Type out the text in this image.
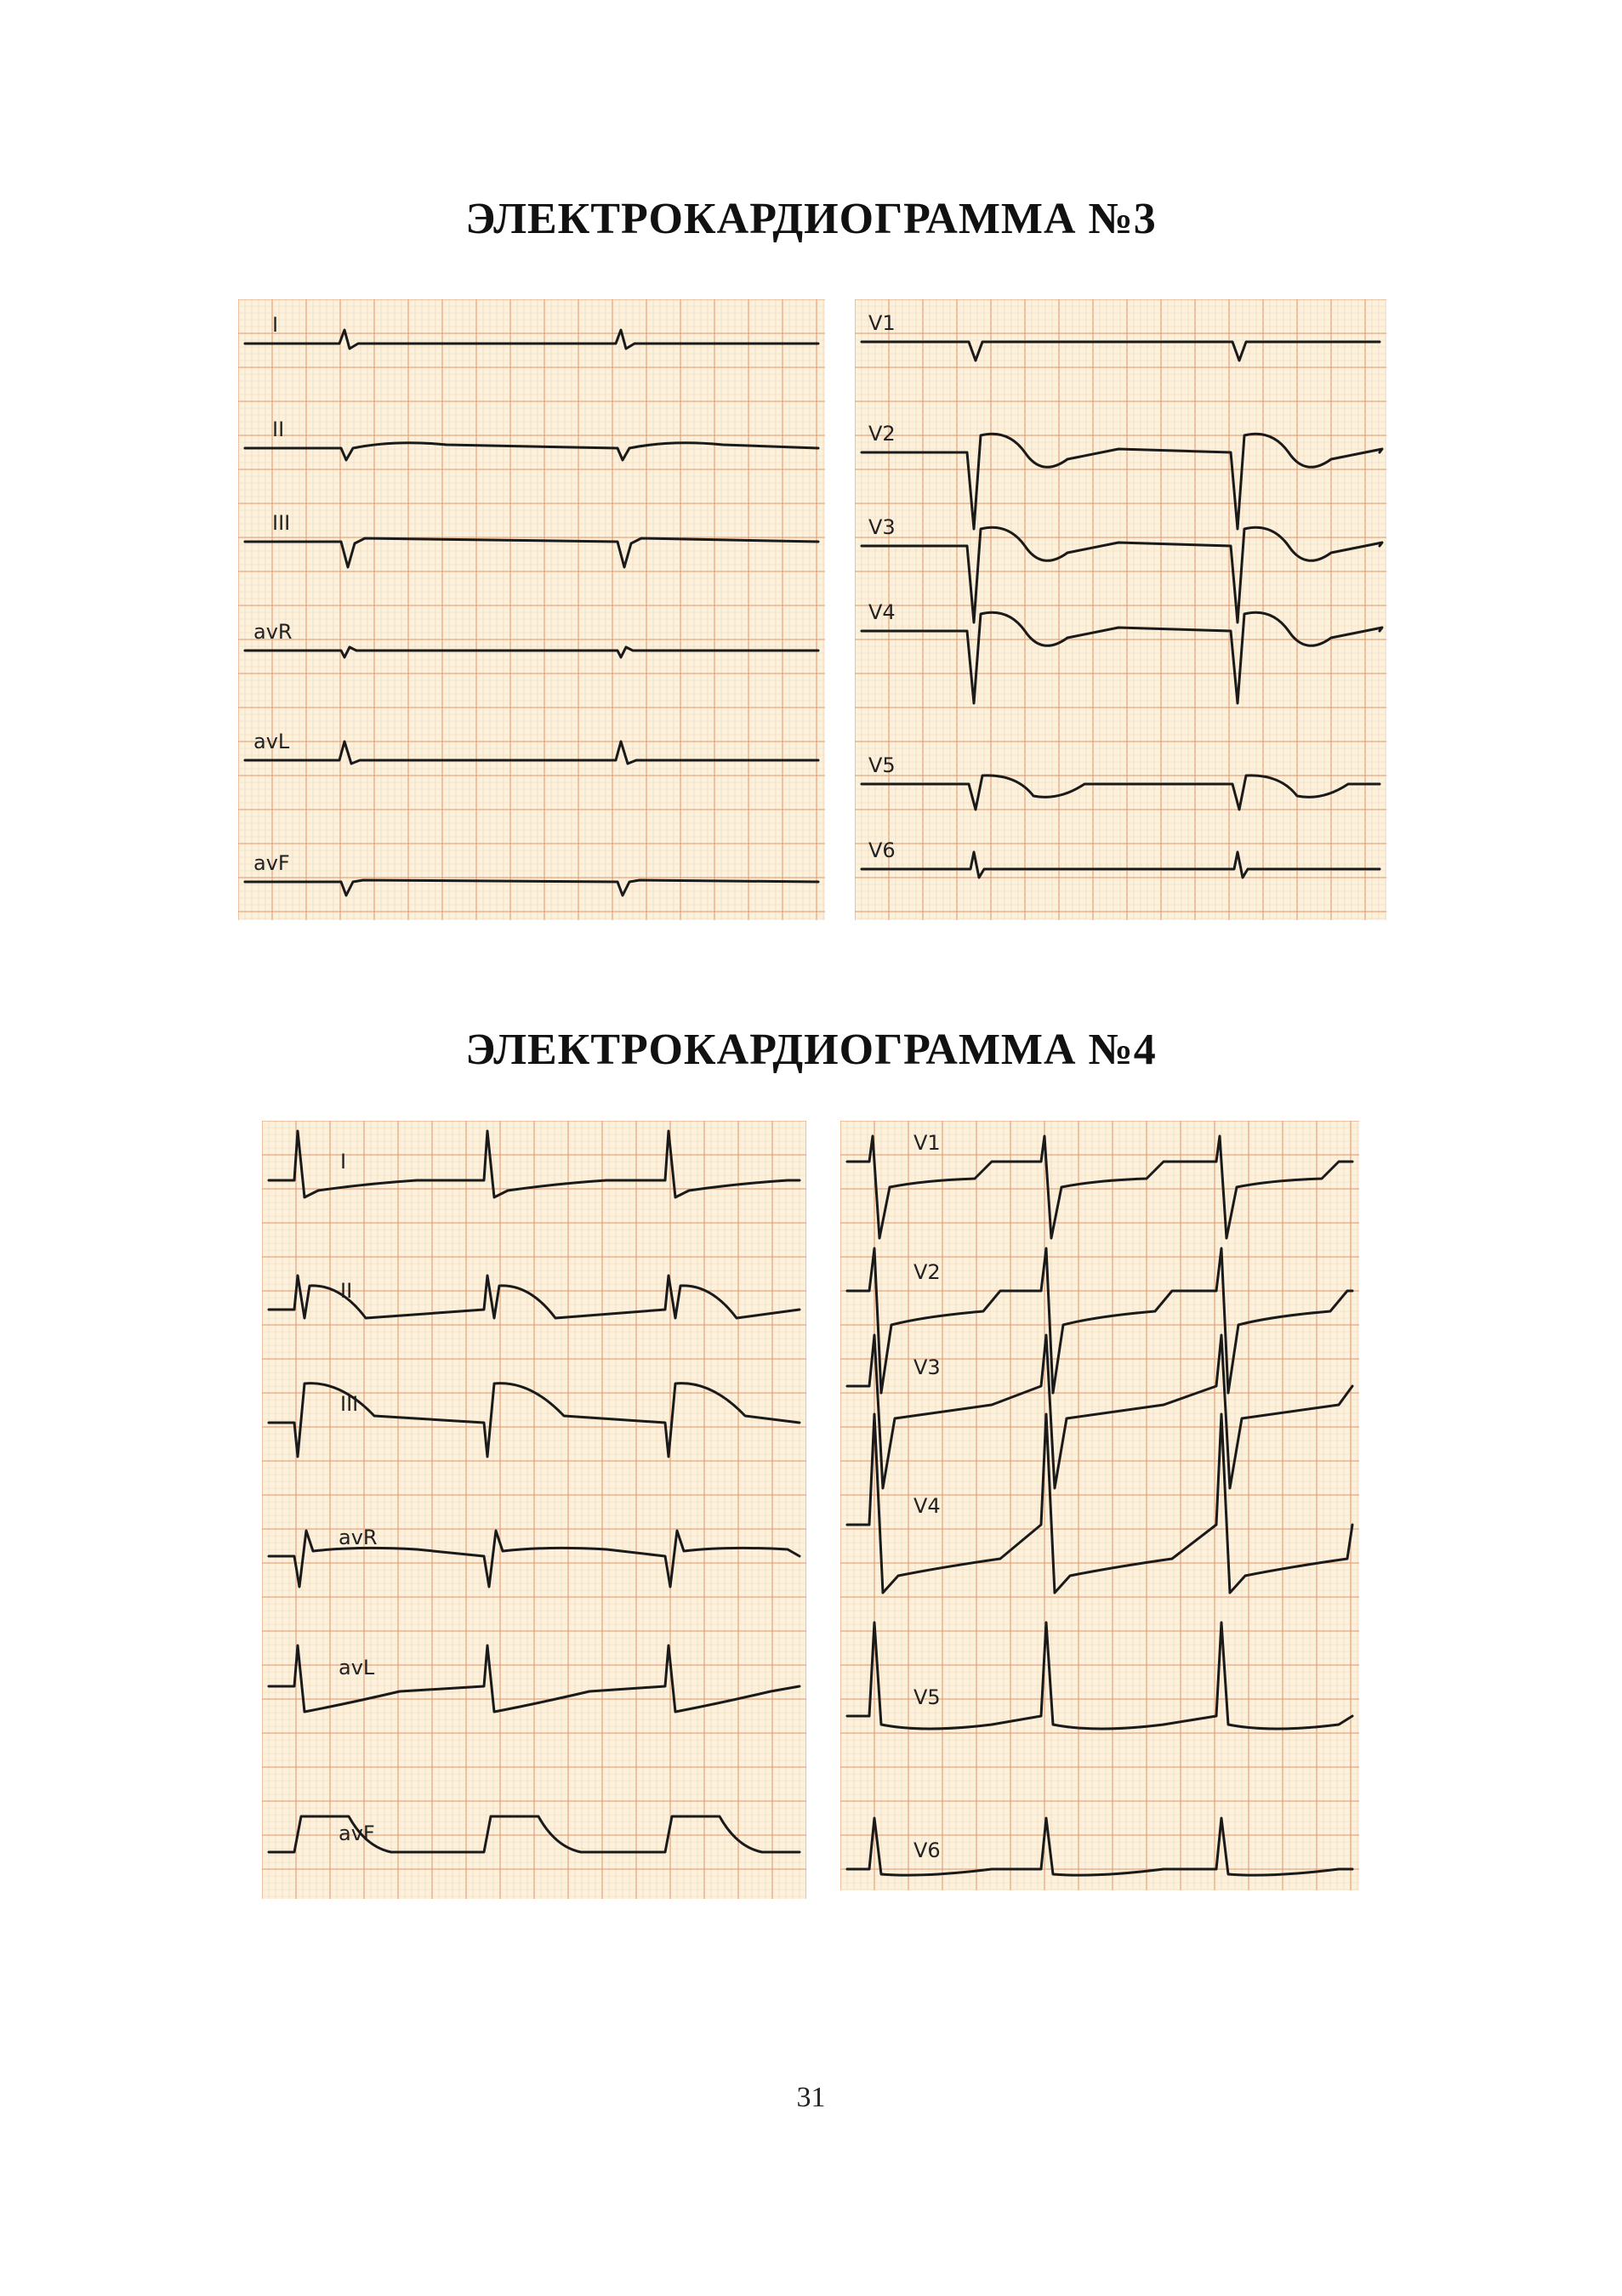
ЭЛЕКТРОКАРДИОГРАММА №3
I
II
III
avR
avL
avF
V1
V2
V3
V4
V5
V6
ЭЛЕКТРОКАРДИОГРАММА №4
I
II
III
avR
avL
avF
V1
V2
V3
V4
V5
V6
31
